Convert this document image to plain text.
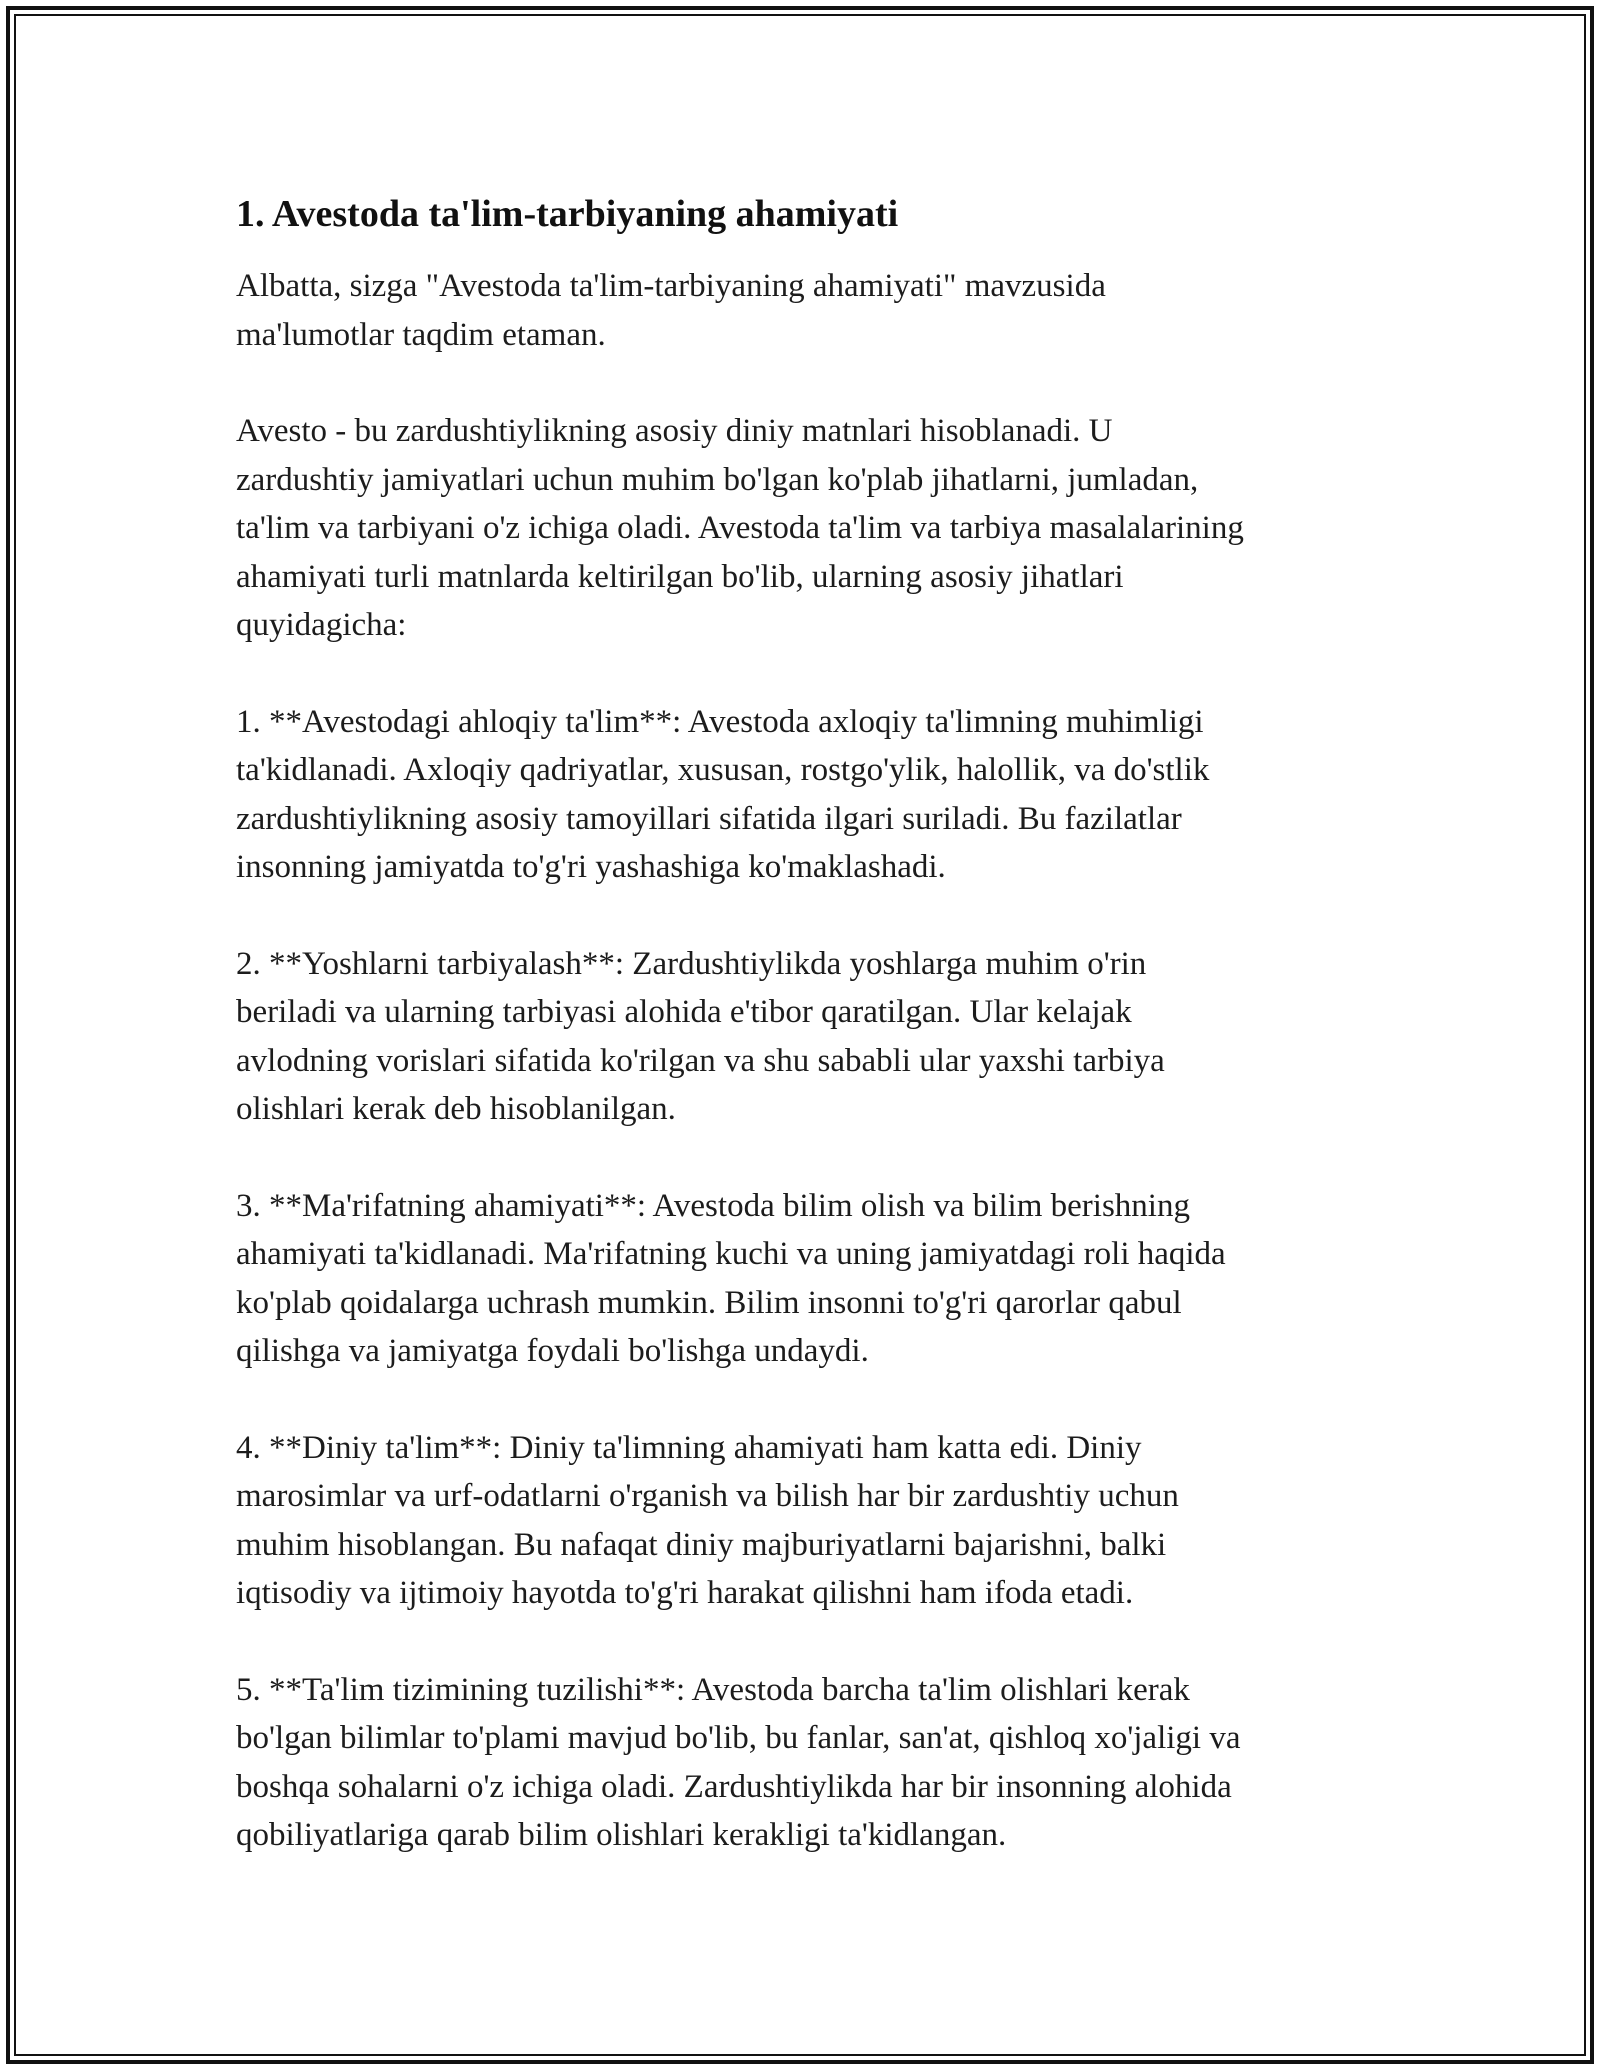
1. Avestoda ta'lim-tarbiyaning ahamiyati

Albatta, sizga "Avestoda ta'lim-tarbiyaning ahamiyati" mavzusida
ma'lumotlar taqdim etaman.

Avesto - bu zardushtiylikning asosiy diniy matnlari hisoblanadi. U
zardushtiy jamiyatlari uchun muhim bo'lgan ko'plab jihatlarni, jumladan,
ta'lim va tarbiyani o'z ichiga oladi. Avestoda ta'lim va tarbiya masalalarining
ahamiyati turli matnlarda keltirilgan bo'lib, ularning asosiy jihatlari
quyidagicha:

1. **Avestodagi ahloqiy ta'lim**: Avestoda axloqiy ta'limning muhimligi
ta'kidlanadi. Axloqiy qadriyatlar, xususan, rostgo'ylik, halollik, va do'stlik
zardushtiylikning asosiy tamoyillari sifatida ilgari suriladi. Bu fazilatlar
insonning jamiyatda to'g'ri yashashiga ko'maklashadi.

2. **Yoshlarni tarbiyalash**: Zardushtiylikda yoshlarga muhim o'rin
beriladi va ularning tarbiyasi alohida e'tibor qaratilgan. Ular kelajak
avlodning vorislari sifatida ko'rilgan va shu sababli ular yaxshi tarbiya
olishlari kerak deb hisoblanilgan.

3. **Ma'rifatning ahamiyati**: Avestoda bilim olish va bilim berishning
ahamiyati ta'kidlanadi. Ma'rifatning kuchi va uning jamiyatdagi roli haqida
ko'plab qoidalarga uchrash mumkin. Bilim insonni to'g'ri qarorlar qabul
qilishga va jamiyatga foydali bo'lishga undaydi.

4. **Diniy ta'lim**: Diniy ta'limning ahamiyati ham katta edi. Diniy
marosimlar va urf-odatlarni o'rganish va bilish har bir zardushtiy uchun
muhim hisoblangan. Bu nafaqat diniy majburiyatlarni bajarishni, balki
iqtisodiy va ijtimoiy hayotda to'g'ri harakat qilishni ham ifoda etadi.

5. **Ta'lim tizimining tuzilishi**: Avestoda barcha ta'lim olishlari kerak
bo'lgan bilimlar to'plami mavjud bo'lib, bu fanlar, san'at, qishloq xo'jaligi va
boshqa sohalarni o'z ichiga oladi. Zardushtiylikda har bir insonning alohida
qobiliyatlariga qarab bilim olishlari kerakligi ta'kidlangan.
